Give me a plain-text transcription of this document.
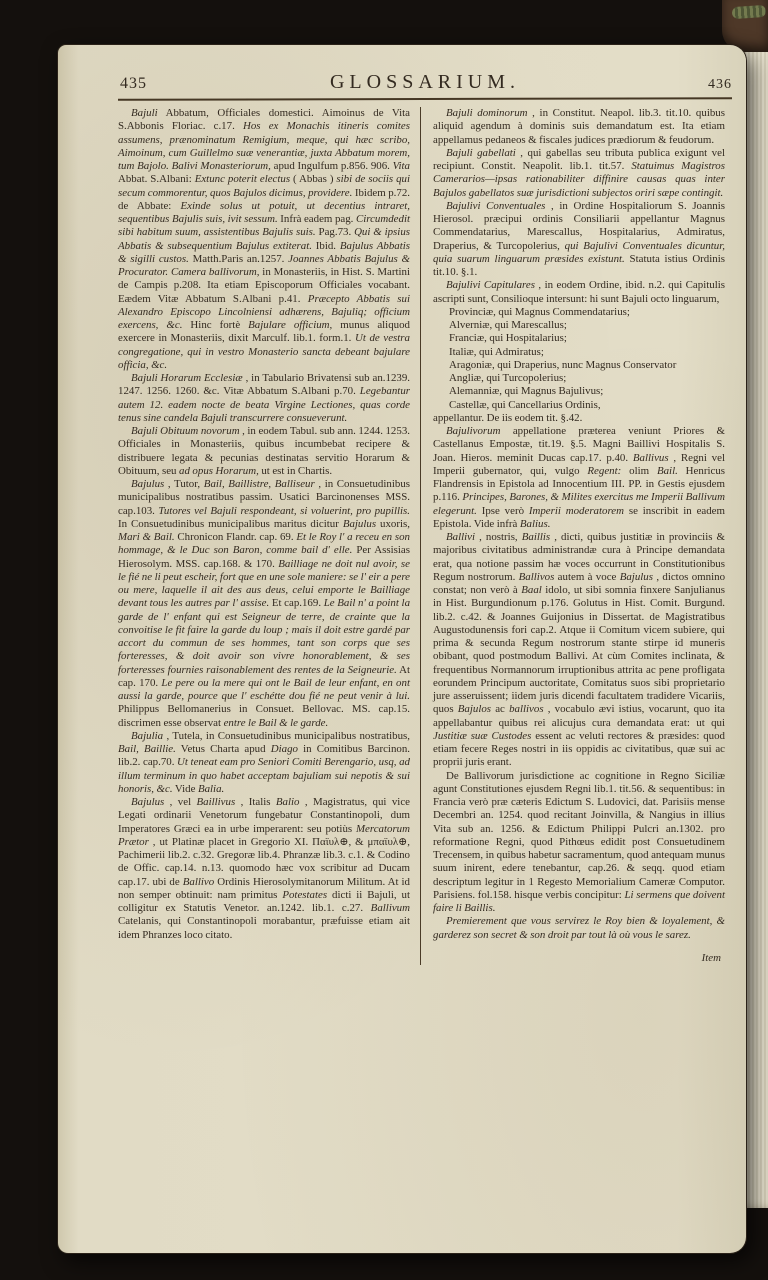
435	GLOSSARIUM.	436

Bajuli Abbatum, Officiales domestici. Aimoinus de Vita S.Abbonis Floriac. c.17. Hos ex Monachis itineris comites assumens, prænominatum Remigium, meque, qui hæc scribo, Aimoinum, cum Guillelmo suæ venerantiæ, juxta Abbatum morem, tum Bajolo. Balivi Monasteriorum, apud Ingulfum p.856. 906. Vita Abbat. S.Albani: Extunc poterit electus ( Abbas ) sibi de sociis qui secum commorentur, quos Bajulos dicimus, providere. Ibidem p.72. de Abbate: Exinde solus ut potuit, ut decentius intraret, sequentibus Bajulis suis, ivit sessum. Infrà eadem pag. Circumdedit sibi habitum suum, assistentibus Bajulis suis. Pag.73. Qui & ipsius Abbatis & subsequentium Bajulus extiterat. Ibid. Bajulus Abbatis & sigilli custos. Matth.Paris an.1257. Joannes Abbatis Bajulus & Procurator. Camera ballivorum, in Monasteriis, in Hist. S. Martini de Campis p.208. Ita etiam Episcoporum Officiales vocabant. Eædem Vitæ Abbatum S.Albani p.41. Præcepto Abbatis sui Alexandro Episcopo Lincolniensi adhærens, Bajuliq; officium exercens, &c. Hinc fortè Bajulare officium, munus aliquod exercere in Monasteriis, dixit Marculf. lib.1. form.1. Ut de vestra congregatione, qui in vestro Monasterio sancta debeant bajulare officia, &c.

Bajuli Horarum Ecclesiæ , in Tabulario Brivatensi sub an.1239. 1247. 1256. 1260. &c. Vitæ Abbatum S.Albani p.70. Legebantur autem 12. eadem nocte de beata Virgine Lectiones, quas corde tenus sine candela Bajuli transcurrere consueverunt.

Bajuli Obituum novorum , in eodem Tabul. sub ann. 1244. 1253. Officiales in Monasteriis, quibus incumbebat recipere & distribuere legata & pecunias destinatas servitio Horarum & Obituum, seu ad opus Horarum, ut est in Chartis.

Bajulus , Tutor, Bail, Baillistre, Balliseur , in Consuetudinibus municipalibus nostratibus passim. Usatici Barcinonenses MSS. cap.103. Tutores vel Bajuli respondeant, si voluerint, pro pupillis. In Consuetudinibus municipalibus maritus dicitur Bajulus uxoris, Mari & Bail. Chronicon Flandr. cap. 69. Et le Roy l' a receu en son hommage, & le Duc son Baron, comme bail d' elle. Per Assisias Hierosolym. MSS. cap.168. & 170. Bailliage ne doit nul avoir, se le fié ne li peut escheir, fort que en une sole maniere: se l' eir a pere ou mere, laquelle il ait des aus deus, celui emporte le Bailliage devant tous les autres par l' assise. Et cap.169. Le Bail n' a point la garde de l' enfant qui est Seigneur de terre, de crainte que la convoitise le fit faire la garde du loup ; mais il doit estre gardé par accort du commun de ses hommes, tant son corps que ses forteresses, & doit avoir son vivre honorablement, & ses forteresses fournies raisonablement des rentes de la Seigneurie. At cap. 170. Le pere ou la mere qui ont le Bail de leur enfant, en ont aussi la garde, pource que l' eschétte dou fié ne peut venir à lui. Philippus Bellomanerius in Consuet. Bellovac. MS. cap.15. discrimen esse observat entre le Bail & le garde.

Bajulia , Tutela, in Consuetudinibus municipalibus nostratibus, Bail, Baillie. Vetus Charta apud Diago in Comitibus Barcinon. lib.2. cap.70. Ut teneat eam pro Seniori Comiti Berengario, usq, ad illum terminum in quo habet acceptam bajuliam sui nepotis & sui honoris, &c. Vide Balia.

Bajulus , vel Baillivus , Italis Balio , Magistratus, qui vice Legati ordinarii Venetorum fungebatur Constantinopoli, dum Imperatores Græci ea in urbe imperarent: seu potiùs Mercatorum Prætor , ut Platinæ placet in Gregorio XI. Παϊυλ⊕, & μπαϊυλ⊕, Pachimerii lib.2. c.32. Gregoræ lib.4. Phranzæ lib.3. c.1. & Codino de Offic. cap.14. n.13. quomodo hæc vox scribitur ad Ducam cap.17. ubi de Ballivo Ordinis Hierosolymitanorum Militum. At id non semper obtinuit: nam primitus Potestates dicti ii Bajuli, ut colligitur ex Statutis Venetor. an.1242. lib.1. c.27. Ballivum Catelanis, qui Constantinopoli morabantur, præfuisse etiam ait idem Phranzes loco citato.

Bajuli dominorum , in Constitut. Neapol. lib.3. tit.10. quibus aliquid agendum à dominis suis demandatum est. Ita etiam appellamus pedaneos & fiscales judices prædiorum & feudorum.

Bajuli gabellati , qui gabellas seu tributa publica exigunt vel recipiunt. Constit. Neapolit. lib.1. tit.57. Statuimus Magistros Camerarios—ipsas rationabiliter diffinire causas quas inter Bajulos gabellatos suæ jurisdictioni subjectos oriri sæpe contingit.

Bajulivi Conventuales , in Ordine Hospitaliorum S. Joannis Hierosol. præcipui ordinis Consiliarii appellantur Magnus Commendatarius, Marescallus, Hospitalarius, Admiratus, Draperius, & Turcopolerius, qui Bajulivi Conventuales dicuntur, quia suarum linguarum præsides existunt. Statuta istius Ordinis tit.10. §.1.

Bajulivi Capitulares , in eodem Ordine, ibid. n.2. qui Capitulis ascripti sunt, Consilioque intersunt: hi sunt Bajuli octo linguarum,

Provinciæ, qui Magnus Commendatarius;

Alverniæ, qui Marescallus;

Franciæ, qui Hospitalarius;

Italiæ, qui Admiratus;

Aragoniæ, qui Draperius, nunc Magnus Conservator

Angliæ, qui Turcopolerius;

Alemanniæ, qui Magnus Bajulivus;

Castellæ, qui Cancellarius Ordinis,

appellantur. De iis eodem tit. §.42.

Bajulivorum appellatione præterea veniunt Priores & Castellanus Empostæ, tit.19. §.5. Magni Baillivi Hospitalis S. Joan. Hieros. meminit Ducas cap.17. p.40. Ballivus , Regni vel Imperii gubernator, qui, vulgo Regent: olim Bail. Henricus Flandrensis in Epistola ad Innocentium III. PP. in Gestis ejusdem p.116. Principes, Barones, & Milites exercitus me Imperii Ballivum elegerunt. Ipse verò Imperii moderatorem se inscribit in eadem Epistola. Vide infrà Balius.

Ballivi , nostris, Baillis , dicti, quibus justitiæ in provinciis & majoribus civitatibus administrandæ cura à Principe demandata erat, qua notione passim hæ voces occurrunt in Constitutionibus Regum nostrorum. Ballivos autem à voce Bajulus , dictos omnino constat; non verò à Baal idolo, ut sibi somnia finxere Sanjulianus in Hist. Burgundionum p.176. Golutus in Hist. Comit. Burgund. lib.2. c.42. & Joannes Guijonius in Dissertat. de Magistratibus Augustodunensis fori cap.2. Atque ii Comitum vicem subiere, qui prima & secunda Regum nostrorum stante stirpe id muneris obibant, quod postmodum Ballivi. At cùm Comites inclinata, & frequentibus Normannorum irruptionibus attrita ac pene profligata eorundem Principum auctoritate, Comitatus suos sibi proprietario jure asseruissent; iidem juris dicendi facultatem tradidere Vicariis, quos Bajulos ac ballivos , vocabulo ævi istius, vocarunt, quo ita appellabantur quibus rei alicujus cura demandata erat: ut qui Justitiæ suæ Custodes essent ac veluti rectores & præsides: quod etiam fecere Reges nostri in iis oppidis ac civitatibus, quæ sui ac proprii juris erant.

De Ballivorum jurisdictione ac cognitione in Regno Siciliæ agunt Constitutiones ejusdem Regni lib.1. tit.56. & sequentibus: in Francia verò præ cæteris Edictum S. Ludovici, dat. Parisiis mense Decembri an. 1254. quod recitant Joinvilla, & Nangius in illius Vita sub an. 1256. & Edictum Philippi Pulcri an.1302. pro reformatione Regni, quod Pithœus edidit post Consuetudinem Trecensem, in quibus habetur sacramentum, quod antequam munus suum inirent, edere tenebantur, cap.26. & seqq. quod etiam descriptum legitur in 1 Regesto Memorialium Cameræ Computor. Parisiens. fol.158. hisque verbis concipitur: Li sermens que doivent faire li Baillis.

Premierement que vous servirez le Roy bien & loyalement, & garderez son secret & son droit par tout là où vous le sarez.

Item
